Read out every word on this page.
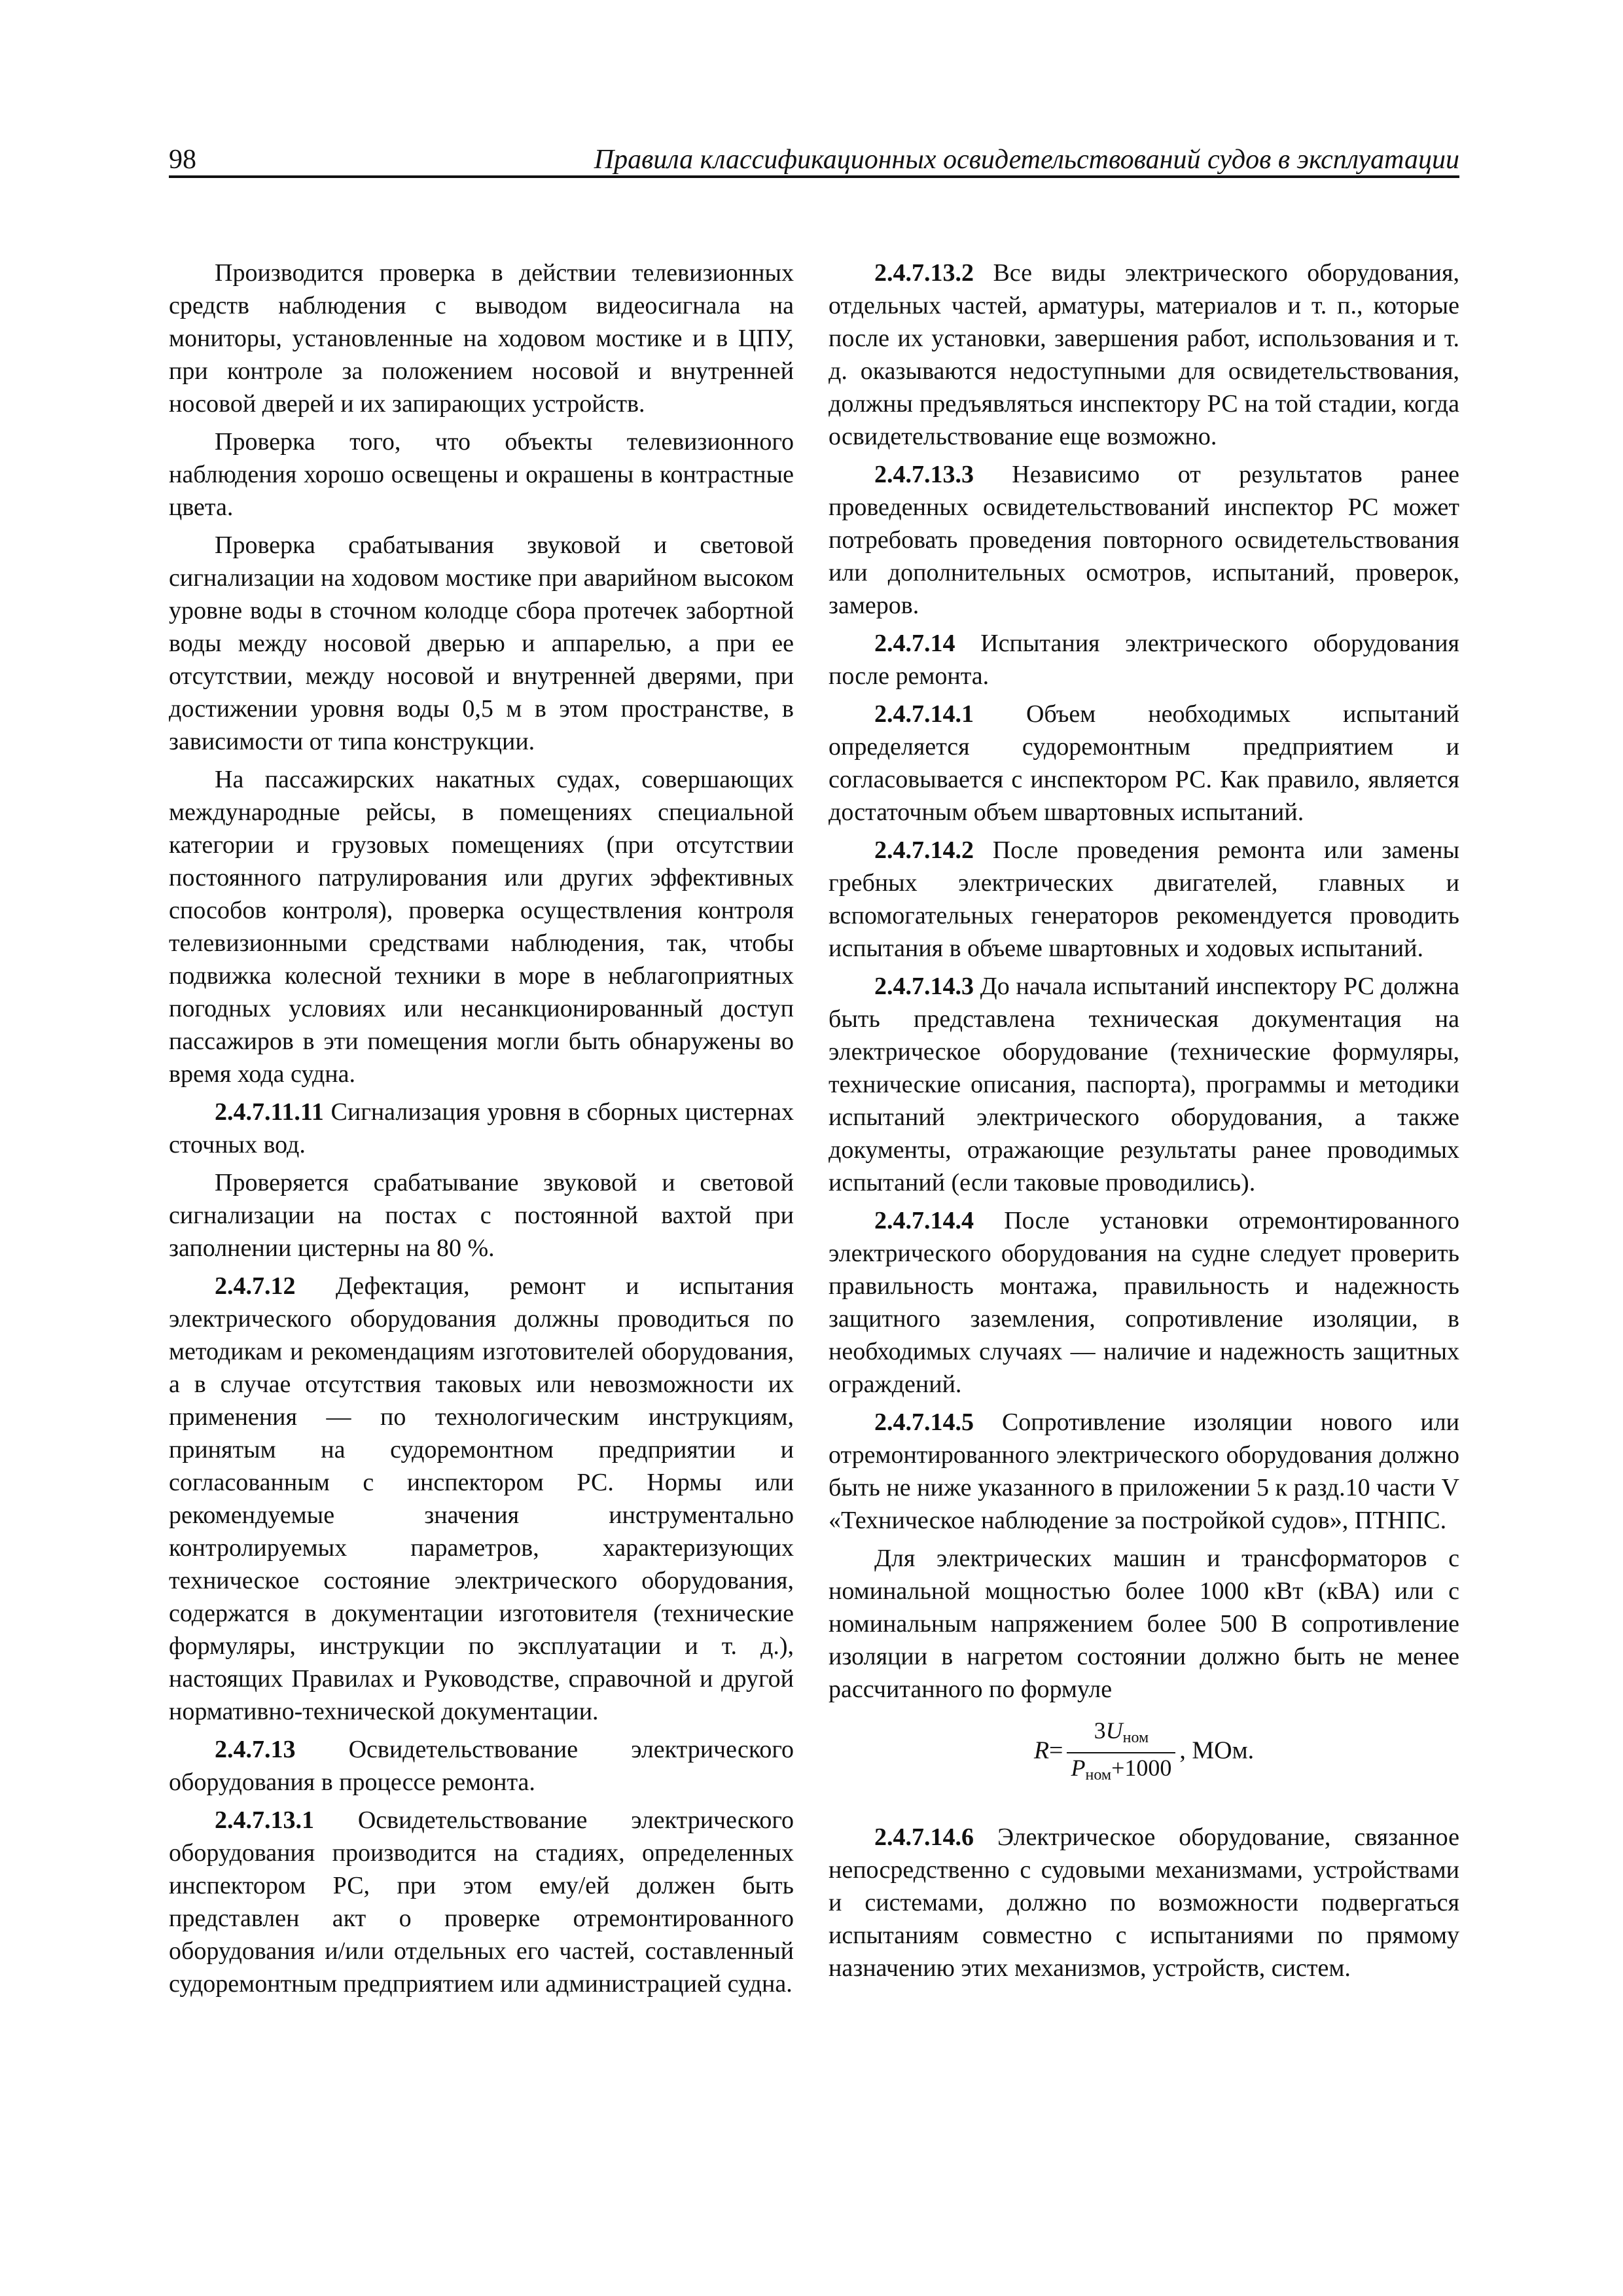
98	Правила классификационных освидетельствований судов в эксплуатации

Производится проверка в действии телевизионных средств наблюдения с выводом видеосигнала на мониторы, установленные на ходовом мостике и в ЦПУ, при контроле за положением носовой и внутренней носовой дверей и их запирающих устройств.

Проверка того, что объекты телевизионного наблюдения хорошо освещены и окрашены в контрастные цвета.

Проверка срабатывания звуковой и световой сигнализации на ходовом мостике при аварийном высоком уровне воды в сточном колодце сбора протечек забортной воды между носовой дверью и аппарелью, а при ее отсутствии, между носовой и внутренней дверями, при достижении уровня воды 0,5 м в этом пространстве, в зависимости от типа конструкции.

На пассажирских накатных судах, совершающих международные рейсы, в помещениях специальной категории и грузовых помещениях (при отсутствии постоянного патрулирования или других эффективных способов контроля), проверка осуществления контроля телевизионными средствами наблюдения, так, чтобы подвижка колесной техники в море в неблагоприятных погодных условиях или несанкционированный доступ пассажиров в эти помещения могли быть обнаружены во время хода судна.

2.4.7.11.11 Сигнализация уровня в сборных цистернах сточных вод.

Проверяется срабатывание звуковой и световой сигнализации на постах с постоянной вахтой при заполнении цистерны на 80 %.

2.4.7.12 Дефектация, ремонт и испытания электрического оборудования должны проводиться по методикам и рекомендациям изготовителей оборудования, а в случае отсутствия таковых или невозможности их применения — по технологическим инструкциям, принятым на судоремонтном предприятии и согласованным с инспектором РС. Нормы или рекомендуемые значения инструментально контролируемых параметров, характеризующих техническое состояние электрического оборудования, содержатся в документации изготовителя (технические формуляры, инструкции по эксплуатации и т. д.), настоящих Правилах и Руководстве, справочной и другой нормативно-технической документации.

2.4.7.13 Освидетельствование электрического оборудования в процессе ремонта.

2.4.7.13.1 Освидетельствование электрического оборудования производится на стадиях, определенных инспектором РС, при этом ему/ей должен быть представлен акт о проверке отремонтированного оборудования и/или отдельных его частей, составленный судоремонтным предприятием или администрацией судна.

2.4.7.13.2 Все виды электрического оборудования, отдельных частей, арматуры, материалов и т. п., которые после их установки, завершения работ, использования и т. д. оказываются недоступными для освидетельствования, должны предъявляться инспектору РС на той стадии, когда освидетельствование еще возможно.

2.4.7.13.3 Независимо от результатов ранее проведенных освидетельствований инспектор РС может потребовать проведения повторного освидетельствования или дополнительных осмотров, испытаний, проверок, замеров.

2.4.7.14 Испытания электрического оборудования после ремонта.

2.4.7.14.1 Объем необходимых испытаний определяется судоремонтным предприятием и согласовывается с инспектором РС. Как правило, является достаточным объем швартовных испытаний.

2.4.7.14.2 После проведения ремонта или замены гребных электрических двигателей, главных и вспомогательных генераторов рекомендуется проводить испытания в объеме швартовных и ходовых испытаний.

2.4.7.14.3 До начала испытаний инспектору РС должна быть представлена техническая документация на электрическое оборудование (технические формуляры, технические описания, паспорта), программы и методики испытаний электрического оборудования, а также документы, отражающие результаты ранее проводимых испытаний (если таковые проводились).

2.4.7.14.4 После установки отремонтированного электрического оборудования на судне следует проверить правильность монтажа, правильность и надежность защитного заземления, сопротивление изоляции, в необходимых случаях — наличие и надежность защитных ограждений.

2.4.7.14.5 Сопротивление изоляции нового или отремонтированного электрического оборудования должно быть не ниже указанного в приложении 5 к разд.10 части V «Техническое наблюдение за постройкой судов», ПТНПС.

Для электрических машин и трансформаторов с номинальной мощностью более 1000 кВт (кВА) или с номинальным напряжением более 500 В сопротивление изоляции в нагретом состоянии должно быть не менее рассчитанного по формуле

$R= \frac{3U_{ном}}{P_{ном}+1000}$ , МОм.

2.4.7.14.6 Электрическое оборудование, связанное непосредственно с судовыми механизмами, устройствами и системами, должно по возможности подвергаться испытаниям совместно с испытаниями по прямому назначению этих механизмов, устройств, систем.
